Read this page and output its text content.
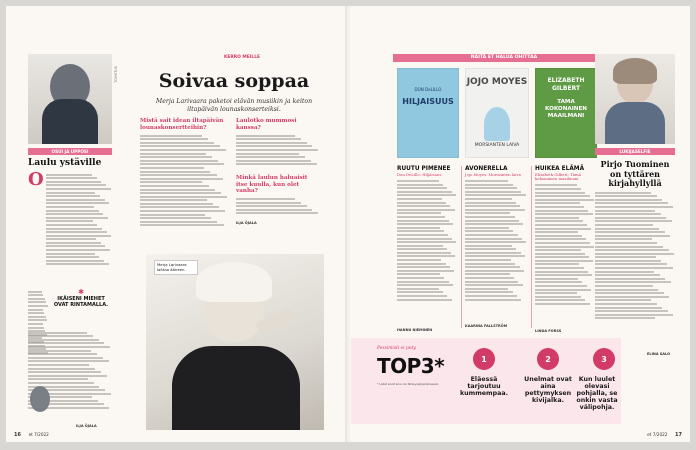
TOIMITUS
KERRO MEILLE
Soivaa soppaa
Merja Larivaara paketoi elävän musiikin ja keiton iltapäivän lounaskonserteiksi.
OSUI JA UPPOSI
Laulu ystäville
O
✱
IKÄISENI MIEHET OVAT RINTAMALLA.
ILJA ÖJALA
Mistä sait idean iltapäivän lounaskonsertteihin?
Laulotko mummosi kanssa?
Minkä laulun haluaisit itse kuulla, kun olet vanha?
ILJA ÖJALA
Merja Larivaara laittaa ääneen.
16 et 7/2022
NÄITÄ ET HALUA OHITTAA
DON DeLILLO
HILJAISUUS
JOJO MOYES
MORSIANTEN LAIVA
ELIZABETH GILBERT
TAMA KOKONAINEN MAAILMANI
RUUTU PIMENEE
Don DeLillo: Hiljaisuus
HANNU NIEMINEN
AVONERELLA
Jojo Moyes: Morsianten laiva
KAARINA FALLSTRÖM
HUIKEA ELÄMÄ
Elizabeth Gilbert: Tämä kokonainen maailmani
LINDA FORSS
Pessimisti ei pety.
TOP3*
* Listat eivät aina ole tärkeysjärjestyksessä.
1
Eläessä tarjoutuu kummempaa.
2
Unelmat ovat aina pettymyksen kivijalka.
3
Kun luulet olevasi pohjalla, se onkin vasta välipohja.
LUKIJASELFIE
Pirjo Tuominen on tyttären kirjahyllyllä
ELINA SALO
et 7/2022 17
